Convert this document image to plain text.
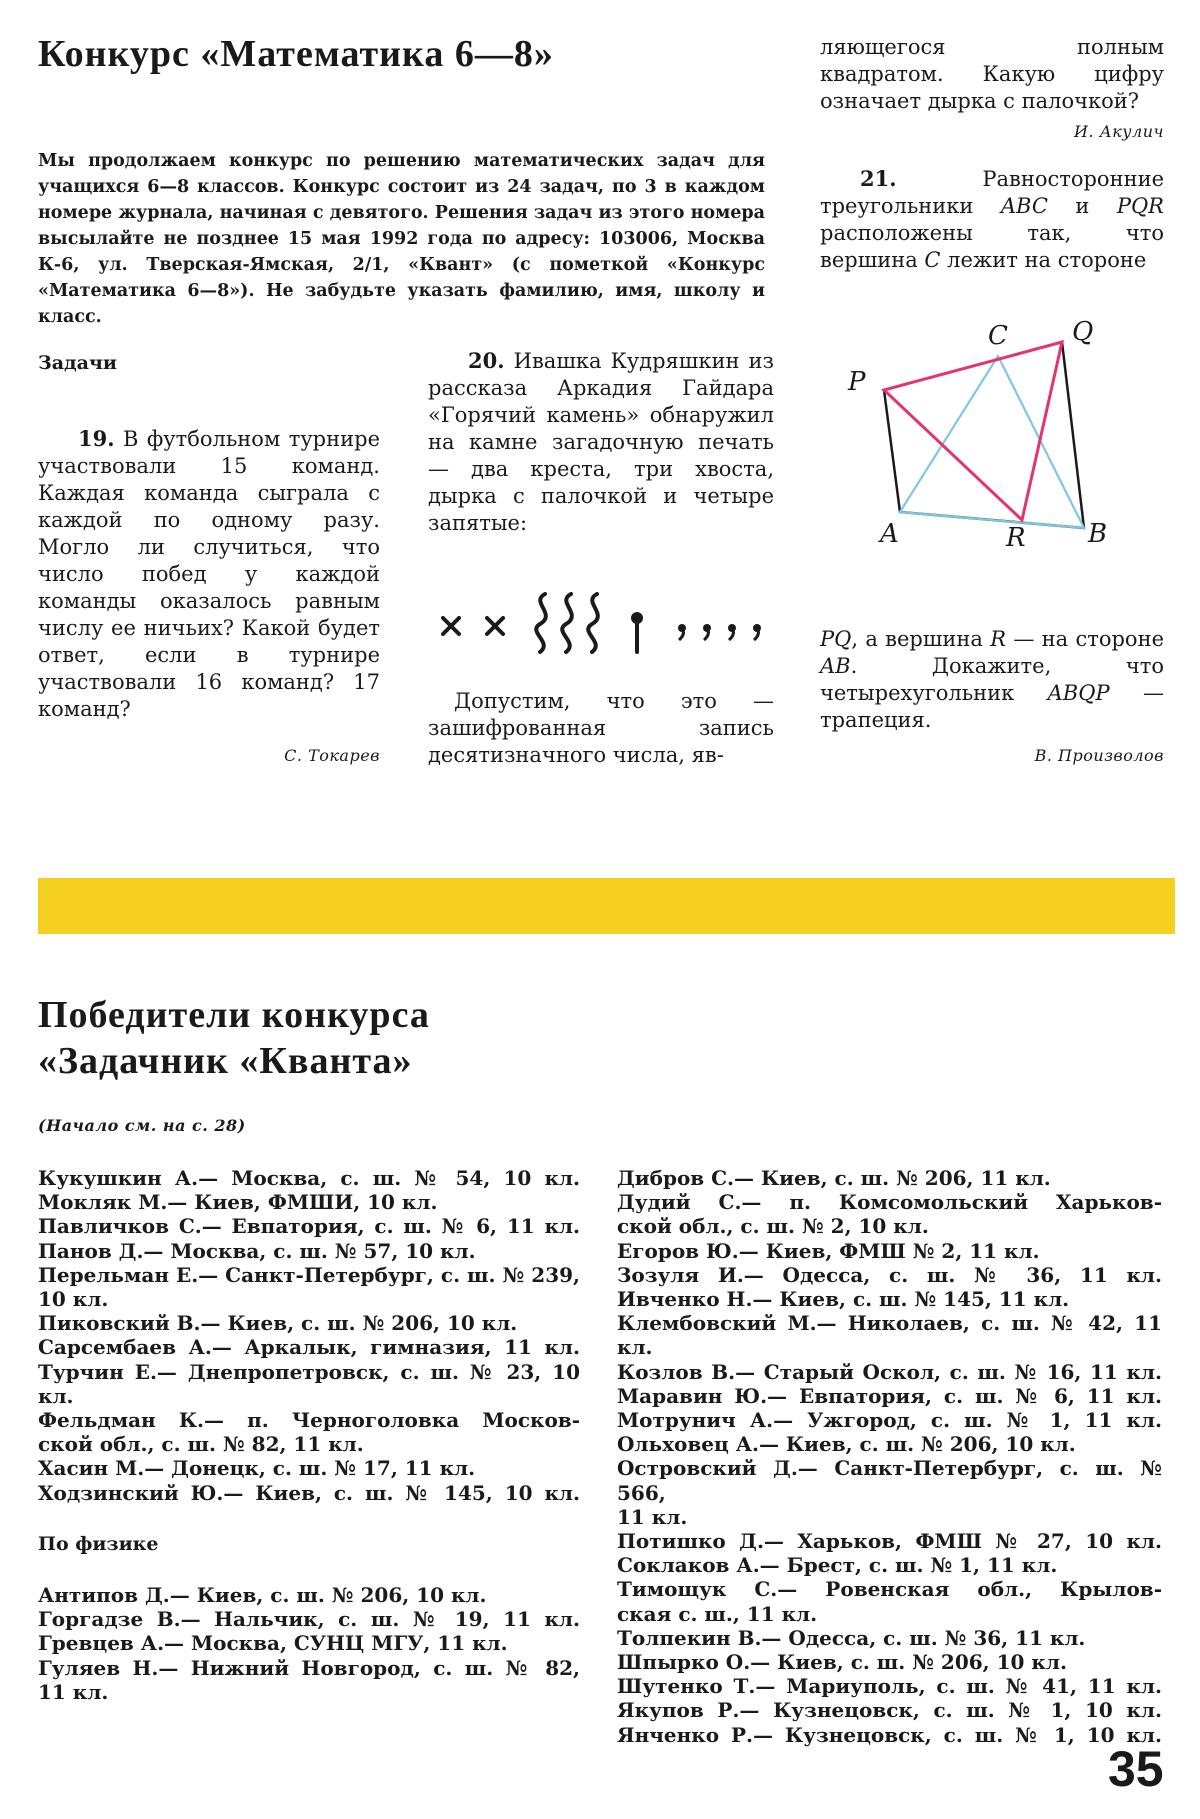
Конкурс «Математика 6—8»
Мы продолжаем конкурс по решению математических задач для учащихся 6—8 классов. Конкурс состоит из 24 задач, по 3 в каждом номере журнала, начиная с девятого. Решения задач из этого номера высылайте не позднее 15 мая 1992 года по адресу: 103006, Москва К-6, ул. Тверская-Ямская, 2/1, «Квант» (с пометкой «Конкурс «Математика 6—8»). Не забудьте указать фамилию, имя, школу и класс.
Задачи

19. В футбольном турнире участвовали 15 команд. Каждая команда сыграла с каждой по одному разу. Могло ли случиться, что число побед у каждой команды оказалось равным числу ее ничьих? Какой будет ответ, если в турнире участвовали 16 команд? 17 команд?

С. Токарев

20. Ивашка Кудряшкин из рассказа Аркадия Гайдара «Горячий камень» обнаружил на камне загадочную печать — два креста, три хвоста, дырка с палочкой и четыре запятые:

Допустим, что это — зашифрованная запись десятизначного числа, яв-

ляющегося полным квадратом. Какую цифру означает дырка с палочкой?

И. Акулич

21.	Равносторонние треугольники ABC и PQR расположены так, что вершина C лежит на стороне

C Q
P
A	R B

PQ, а вершина R — на стороне AB. Докажите, что четырехугольник ABQP — трапеция.

В. Произволов
Победители конкурса
«Задачник «Кванта»
(Начало см. на с. 28)
Кукушкин А.— Москва, с. ш. № 54, 10 кл.
Мокляк М.— Киев, ФМШИ, 10 кл.
Павличков С.— Евпатория, с. ш. № 6, 11 кл.
Панов Д.— Москва, с. ш. № 57, 10 кл.
Перельман Е.— Санкт-Петербург, с. ш. № 239,
10 кл.
Пиковский В.— Киев, с. ш. № 206, 10 кл.
Сарсембаев А.— Аркалык, гимназия, 11 кл.
Турчин Е.— Днепропетровск, с. ш. № 23, 10 кл.
Фельдман К.— п. Черноголовка Москов-
ской обл., с. ш. № 82, 11 кл.
Хасин М.— Донецк, с. ш. № 17, 11 кл.
Ходзинский Ю.— Киев, с. ш. № 145, 10 кл.
По физике
Антипов Д.— Киев, с. ш. № 206, 10 кл.
Горгадзе В.— Нальчик, с. ш. № 19, 11 кл.
Гревцев А.— Москва, СУНЦ МГУ, 11 кл.
Гуляев Н.— Нижний Новгород, с. ш. № 82,
11 кл.
Дибров С.— Киев, с. ш. № 206, 11 кл.
Дудий С.— п. Комсомольский Харьков-
ской обл., с. ш. № 2, 10 кл.
Егоров Ю.— Киев, ФМШ № 2, 11 кл.
Зозуля И.— Одесса, с. ш. № 36, 11 кл.
Ивченко Н.— Киев, с. ш. № 145, 11 кл.
Клембовский М.— Николаев, с. ш. № 42, 11 кл.
Козлов В.— Старый Оскол, с. ш. № 16, 11 кл.
Маравин Ю.— Евпатория, с. ш. № 6, 11 кл.
Мотрунич А.— Ужгород, с. ш. № 1, 11 кл.
Ольховец А.— Киев, с. ш. № 206, 10 кл.
Островский Д.— Санкт-Петербург, с. ш. № 566,
11 кл.
Потишко Д.— Харьков, ФМШ № 27, 10 кл.
Соклаков А.— Брест, с. ш. № 1, 11 кл.
Тимощук С.— Ровенская обл., Крылов-
ская с. ш., 11 кл.
Толпекин В.— Одесса, с. ш. № 36, 11 кл.
Шпырко О.— Киев, с. ш. № 206, 10 кл.
Шутенко Т.— Мариуполь, с. ш. № 41, 11 кл.
Якупов Р.— Кузнецовск, с. ш. № 1, 10 кл.
Янченко Р.— Кузнецовск, с. ш. № 1, 10 кл.
35
